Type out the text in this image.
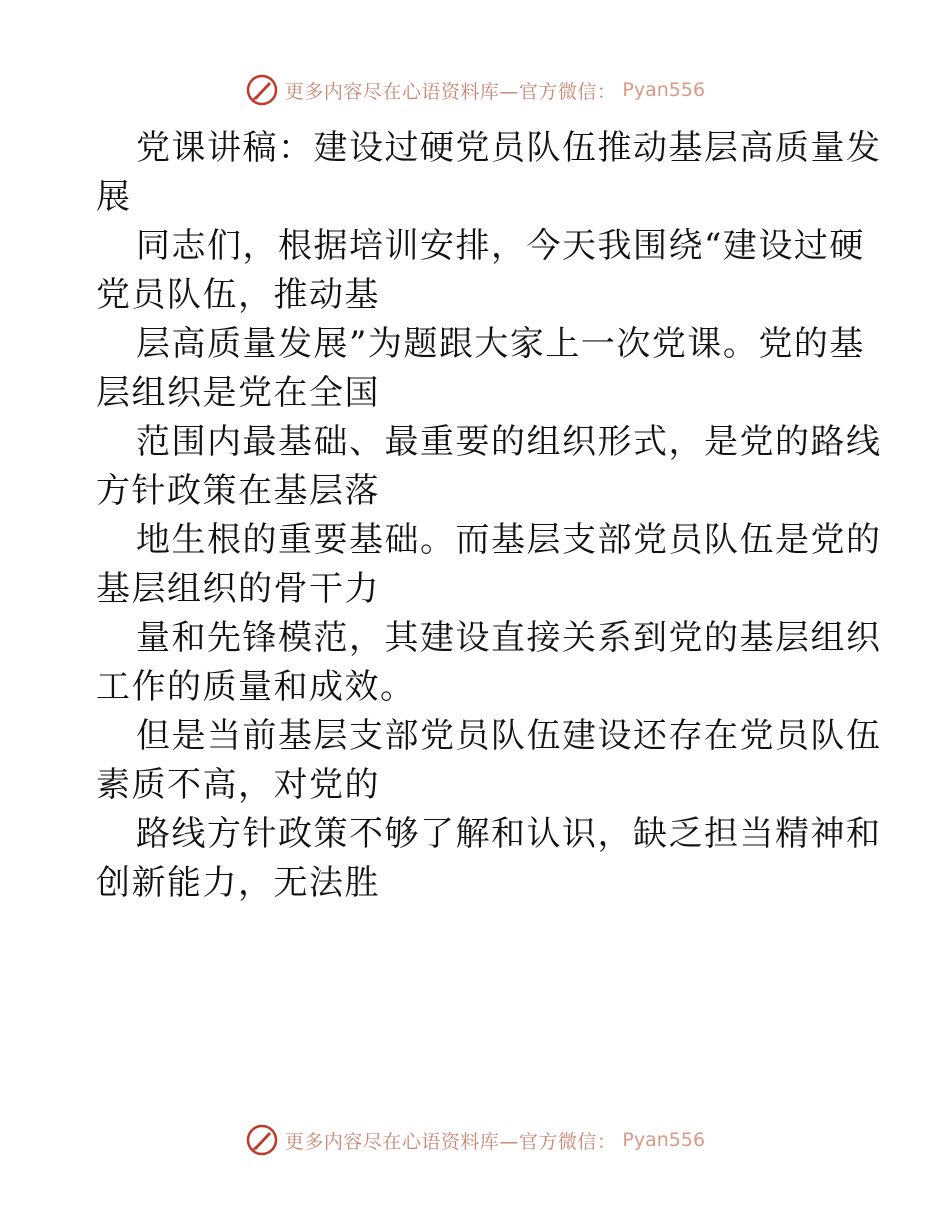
更多内容尽在心语资料库—官方微信： Pyan556
党课讲稿：建设过硬党员队伍推动基层高质量发
展
同志们，根据培训安排，今天我围绕“建设过硬
党员队伍，推动基
层高质量发展”为题跟大家上一次党课。党的基
层组织是党在全国
范围内最基础、最重要的组织形式，是党的路线
方针政策在基层落
地生根的重要基础。而基层支部党员队伍是党的
基层组织的骨干力
量和先锋模范，其建设直接关系到党的基层组织
工作的质量和成效。
但是当前基层支部党员队伍建设还存在党员队伍
素质不高，对党的
路线方针政策不够了解和认识，缺乏担当精神和
创新能力，无法胜
更多内容尽在心语资料库—官方微信： Pyan556
